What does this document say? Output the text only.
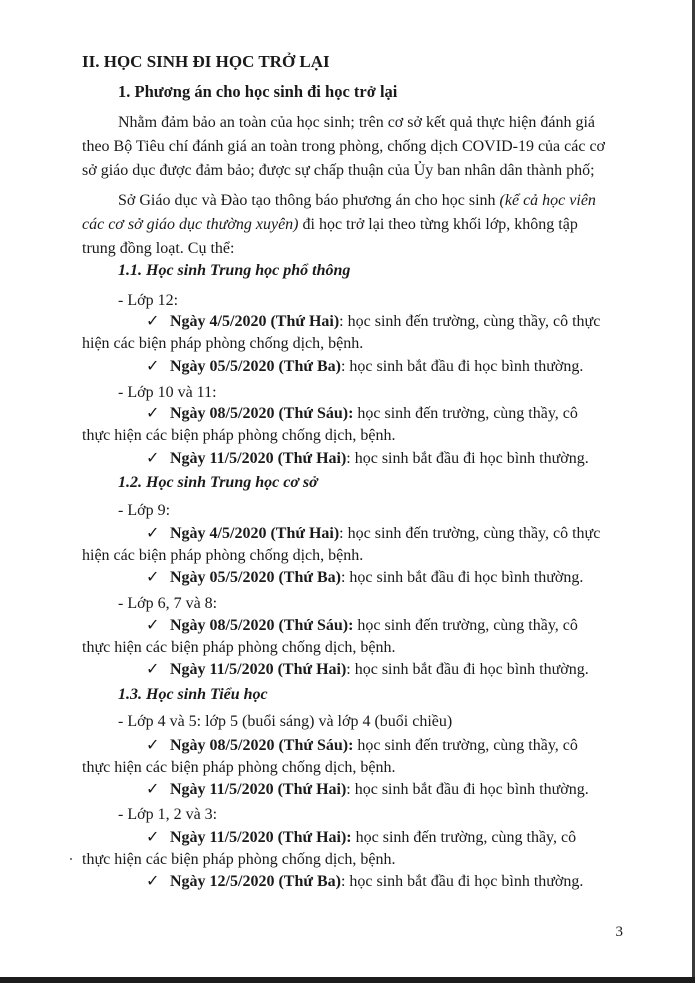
II. HỌC SINH ĐI HỌC TRỞ LẠI
1. Phương án cho học sinh đi học trở lại
Nhằm đảm bảo an toàn của học sinh; trên cơ sở kết quả thực hiện đánh giá
theo Bộ Tiêu chí đánh giá an toàn trong phòng, chống dịch COVID-19 của các cơ
sở giáo dục được đảm bảo; được sự chấp thuận của Ủy ban nhân dân thành phố;
Sở Giáo dục và Đào tạo thông báo phương án cho học sinh (kể cả học viên
các cơ sở giáo dục thường xuyên) đi học trở lại theo từng khối lớp, không tập
trung đồng loạt. Cụ thể:
1.1. Học sinh Trung học phổ thông
- Lớp 12:
✓ Ngày 4/5/2020 (Thứ Hai): học sinh đến trường, cùng thầy, cô thực
hiện các biện pháp phòng chống dịch, bệnh.
✓ Ngày 05/5/2020 (Thứ Ba): học sinh bắt đầu đi học bình thường.
- Lớp 10 và 11:
✓ Ngày 08/5/2020 (Thứ Sáu): học sinh đến trường, cùng thầy, cô
thực hiện các biện pháp phòng chống dịch, bệnh.
✓ Ngày 11/5/2020 (Thứ Hai): học sinh bắt đầu đi học bình thường.
1.2. Học sinh Trung học cơ sở
- Lớp 9:
✓ Ngày 4/5/2020 (Thứ Hai): học sinh đến trường, cùng thầy, cô thực
hiện các biện pháp phòng chống dịch, bệnh.
✓ Ngày 05/5/2020 (Thứ Ba): học sinh bắt đầu đi học bình thường.
- Lớp 6, 7 và 8:
✓ Ngày 08/5/2020 (Thứ Sáu): học sinh đến trường, cùng thầy, cô
thực hiện các biện pháp phòng chống dịch, bệnh.
✓ Ngày 11/5/2020 (Thứ Hai): học sinh bắt đầu đi học bình thường.
1.3. Học sinh Tiểu học
- Lớp 4 và 5: lớp 5 (buổi sáng) và lớp 4 (buổi chiều)
✓ Ngày 08/5/2020 (Thứ Sáu): học sinh đến trường, cùng thầy, cô
thực hiện các biện pháp phòng chống dịch, bệnh.
✓ Ngày 11/5/2020 (Thứ Hai): học sinh bắt đầu đi học bình thường.
- Lớp 1, 2 và 3:
✓ Ngày 11/5/2020 (Thứ Hai): học sinh đến trường, cùng thầy, cô
thực hiện các biện pháp phòng chống dịch, bệnh.
✓ Ngày 12/5/2020 (Thứ Ba): học sinh bắt đầu đi học bình thường.
3
